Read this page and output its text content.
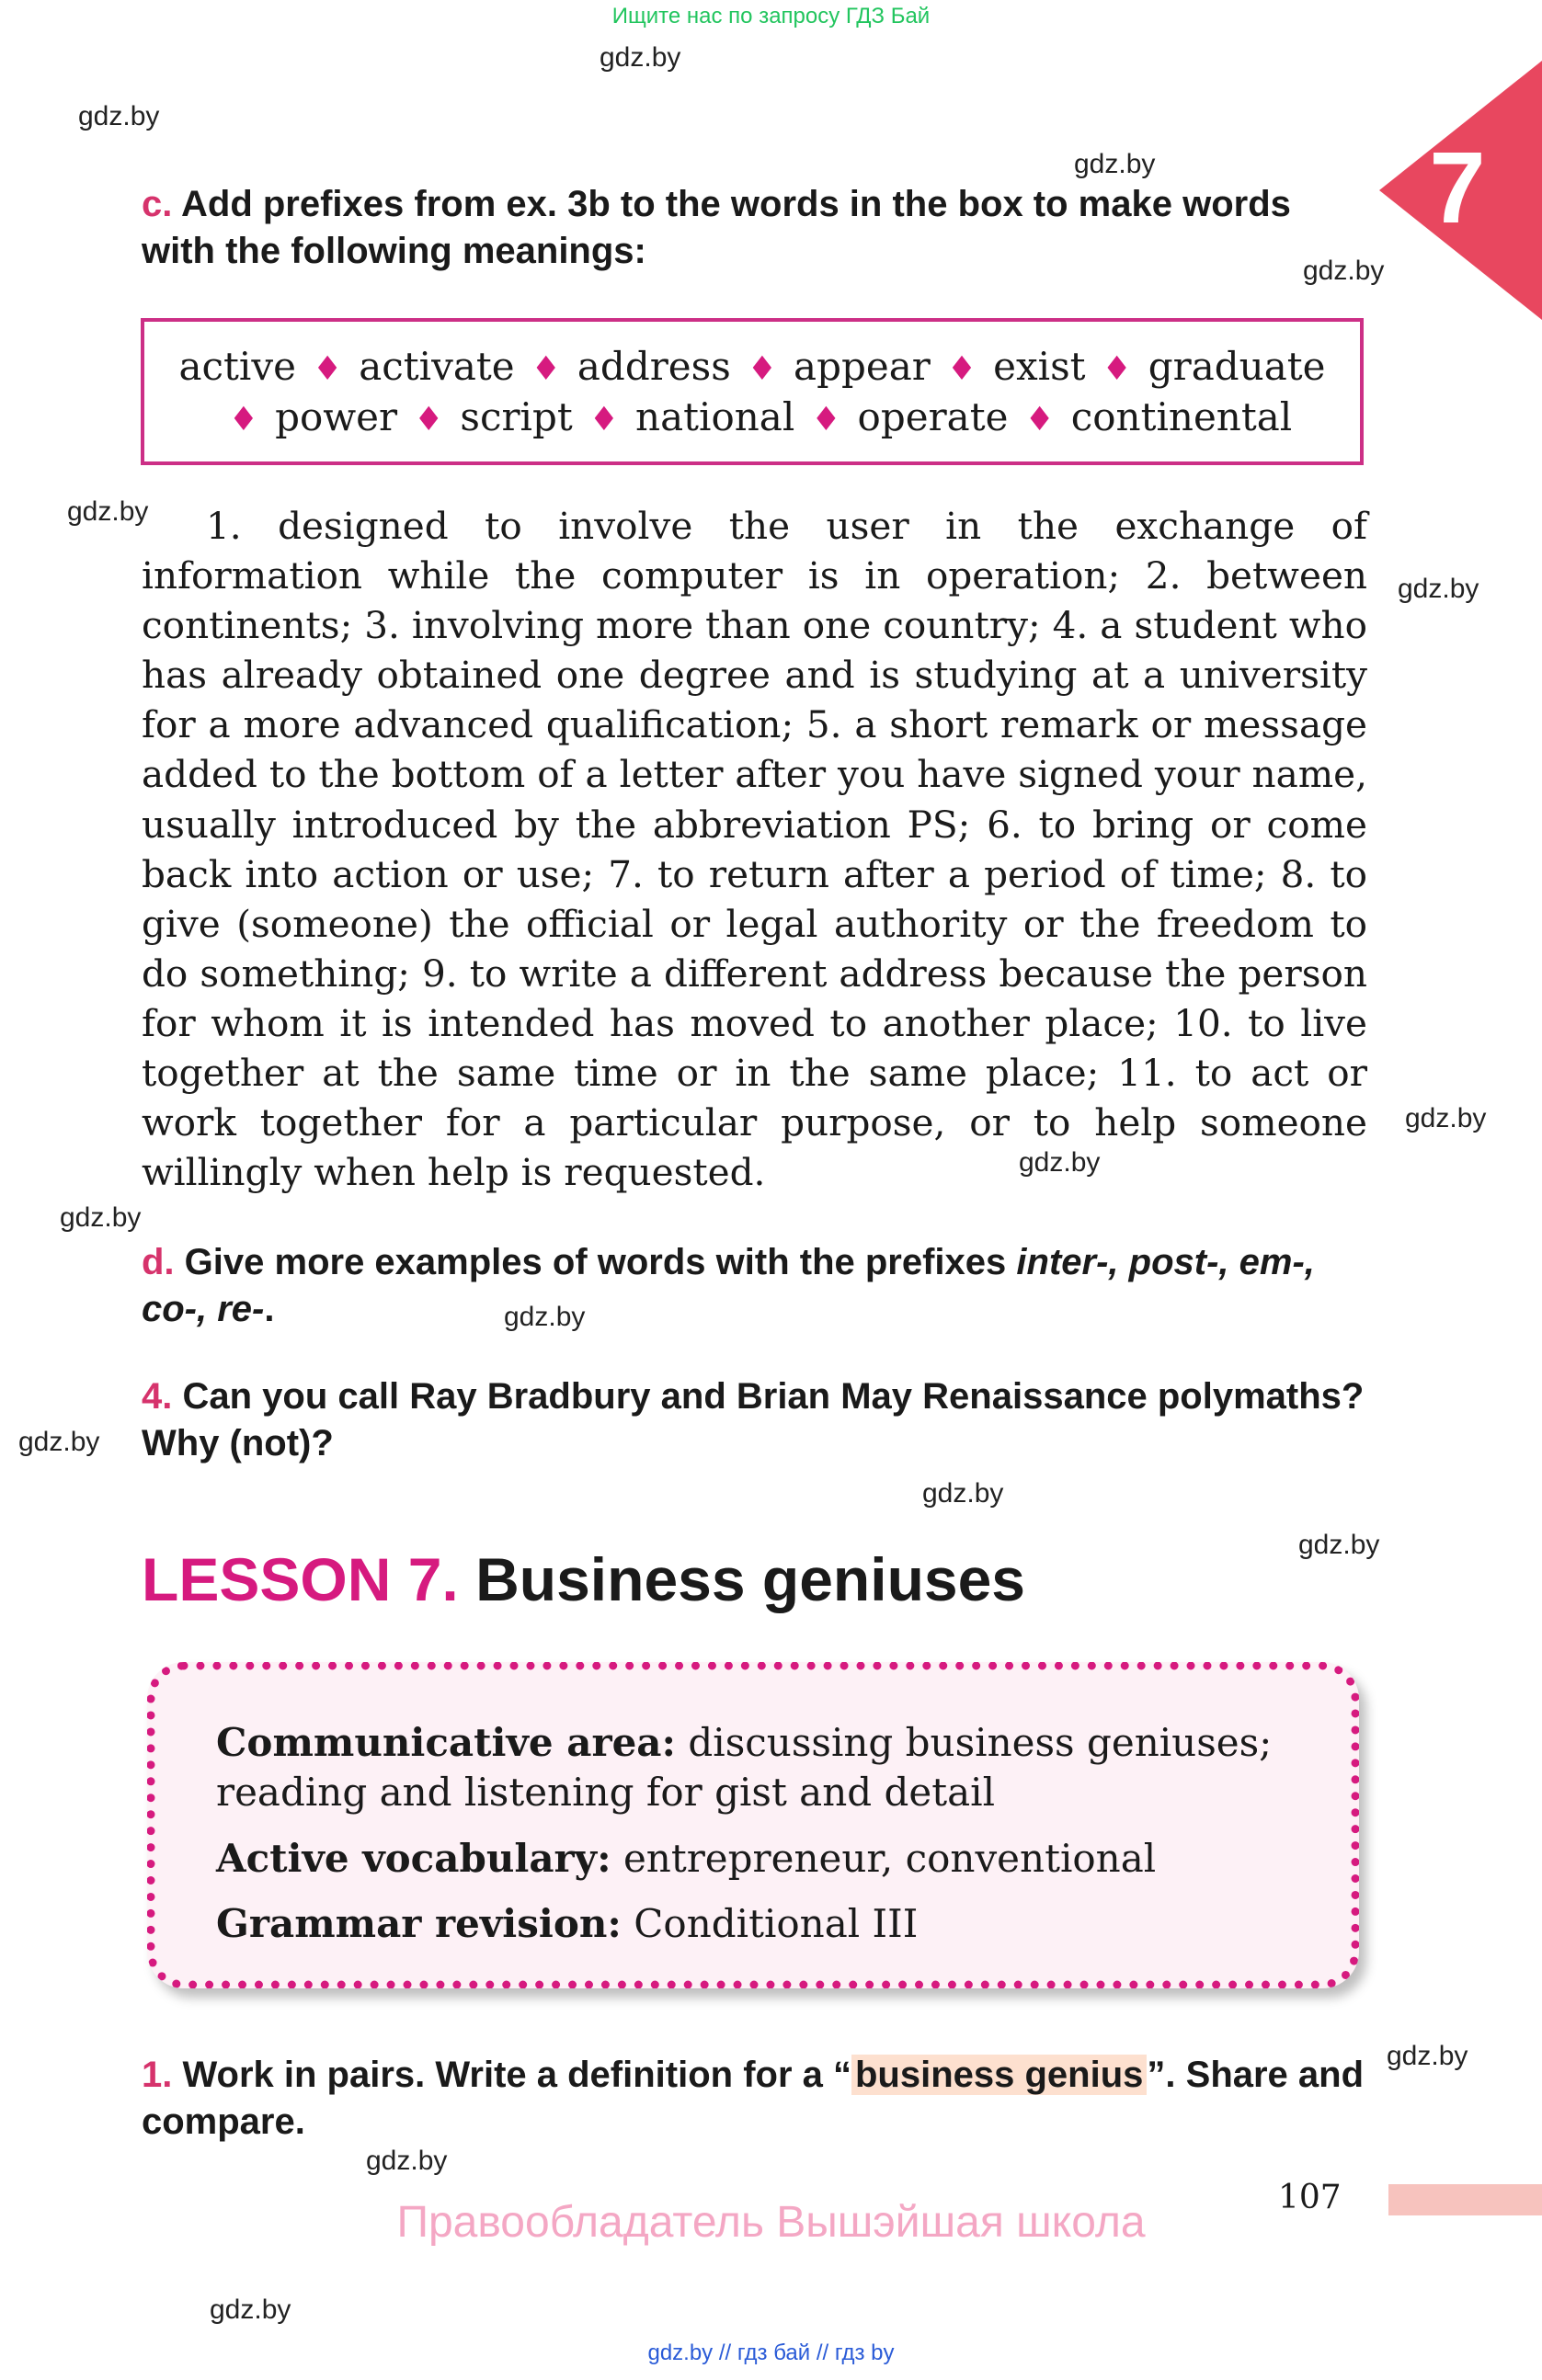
Ищите нас по запросу ГДЗ Бай
7
gdz.by
gdz.by
gdz.by
gdz.by
gdz.by
gdz.by
gdz.by
gdz.by
gdz.by
gdz.by
gdz.by
gdz.by
gdz.by
gdz.by
gdz.by
gdz.by
c. Add prefixes from ex. 3b to the words in the box to make words with the following meanings:
active ♦ activate ♦ address ♦ appear ♦ exist ♦ graduate
♦ power ♦ script ♦ national ♦ operate ♦ continental
1. designed to involve the user in the exchange of information while the computer is in operation; 2. between continents; 3. involving more than one country; 4. a student who has already obtained one degree and is studying at a university for a more advanced qualification; 5. a short remark or message added to the bottom of a letter after you have signed your name, usually introduced by the abbreviation PS; 6. to bring or come back into action or use; 7. to return after a period of time; 8. to give (someone) the official or legal authority or the freedom to do something; 9. to write a different address because the person for whom it is intended has moved to another place; 10. to live together at the same time or in the same place; 11. to act or work together for a particular purpose, or to help someone willingly when help is requested.
d. Give more examples of words with the prefixes inter-, post-, em-, co-, re-.
4. Can you call Ray Bradbury and Brian May Renaissance polymaths? Why (not)?
LESSON 7. Business geniuses
Communicative area: discussing business geniuses; reading and listening for gist and detail
Active vocabulary: entrepreneur, conventional
Grammar revision: Conditional III
1. Work in pairs. Write a definition for a “ business genius ”. Share and compare.
107
Правообладатель Вышэйшая школа
gdz.by // гдз бай // гдз by
